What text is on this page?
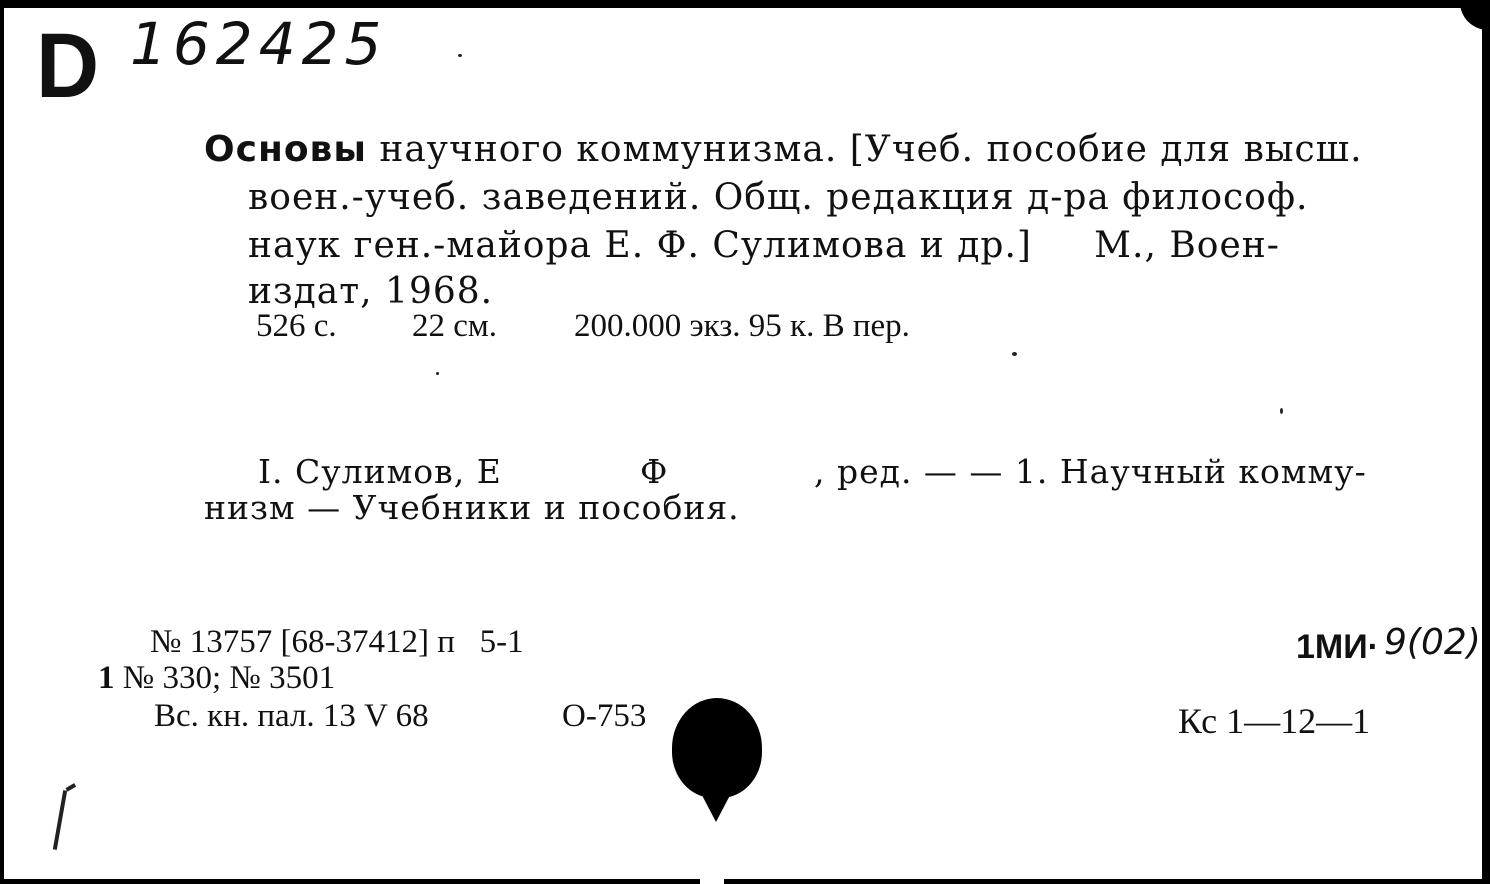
D 162425
Основы научного коммунизма. [Учеб. пособие для высш.
воен.-учеб. заведений. Общ. редакция д-ра философ.
наук ген.-майора Е. Ф. Сулимова и др.]     М., Воен-
издат, 1968.
526 с. 22 см. 200.000 экз. 95 к. В пер.
I. Сулимов, Е	Ф	, ред. — — 1. Научный комму-
низм — Учебники и пособия.
№ 13757 [68-37412] п   5-1
1 № 330; № 3501
Вс. кн. пал. 13 V 68	О-753
1МИ· 9(02)
Кс 1—12—1
